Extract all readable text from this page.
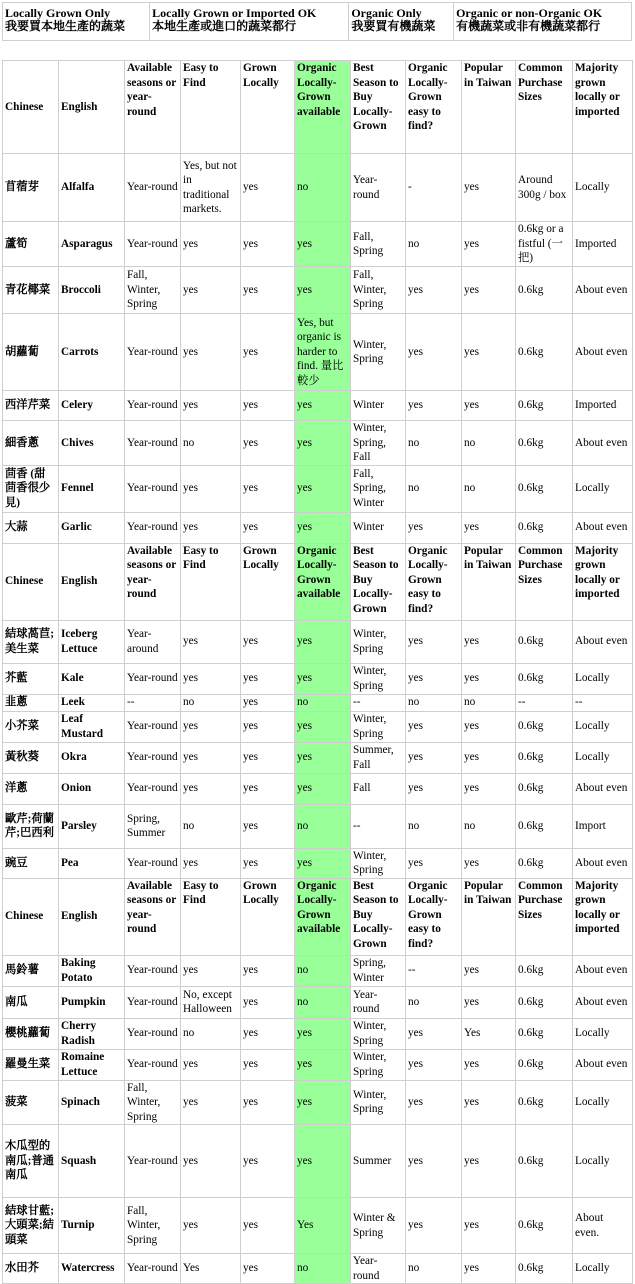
Locally Grown Only
我要買本地生產的蔬菜

Locally Grown or Imported OK
本地生產或進口的蔬菜都行

Organic Only
我要買有機蔬菜

Organic or non-Organic OK
有機蔬菜或非有機蔬菜都行
Chinese	English	Available seasons or year-round	Easy to Find	Grown Locally	Organic Locally-Grown available	Best Season to Buy Locally-Grown	Organic Locally-Grown easy to find?	Popular in Taiwan	Common Purchase Sizes	Majority grown locally or imported
苜蓿芽	Alfalfa	Year-round	Yes, but not in traditional markets.	yes	no	Year-round	-	yes	Around 300g / box	Locally
蘆筍	Asparagus	Year-round	yes	yes	yes	Fall, Spring	no	yes	0.6kg or a fistful (一把)	Imported
青花椰菜	Broccoli	Fall, Winter, Spring	yes	yes	yes	Fall, Winter, Spring	yes	yes	0.6kg	About even
胡蘿蔔	Carrots	Year-round	yes	yes	Yes, but organic is harder to find. 量比較少	Winter, Spring	yes	yes	0.6kg	About even
西洋芹菜	Celery	Year-round	yes	yes	yes	Winter	yes	yes	0.6kg	Imported
細香蔥	Chives	Year-round	no	yes	yes	Winter, Spring, Fall	no	no	0.6kg	About even
茴香 (甜茴香很少見)	Fennel	Year-round	yes	yes	yes	Fall, Spring, Winter	no	no	0.6kg	Locally
大蒜	Garlic	Year-round	yes	yes	yes	Winter	yes	yes	0.6kg	About even
Chinese	English	Available seasons or year-round	Easy to Find	Grown Locally	Organic Locally-Grown available	Best Season to Buy Locally-Grown	Organic Locally-Grown easy to find?	Popular in Taiwan	Common Purchase Sizes	Majority grown locally or imported
結球萵苣;美生菜	Iceberg Lettuce	Year-around	yes	yes	yes	Winter, Spring	yes	yes	0.6kg	About even
芥藍	Kale	Year-round	yes	yes	yes	Winter, Spring	yes	yes	0.6kg	Locally
韭蔥	Leek	--	no	yes	no	--	no	no	--	--
小芥菜	Leaf Mustard	Year-round	yes	yes	yes	Winter, Spring	yes	yes	0.6kg	Locally
黃秋葵	Okra	Year-round	yes	yes	yes	Summer, Fall	yes	yes	0.6kg	Locally
洋蔥	Onion	Year-round	yes	yes	yes	Fall	yes	yes	0.6kg	About even
歐芹;荷蘭芹;巴西利	Parsley	Spring, Summer	no	yes	no	--	no	no	0.6kg	Import
豌豆	Pea	Year-round	yes	yes	yes	Winter, Spring	yes	yes	0.6kg	About even
Chinese	English	Available seasons or year-round	Easy to Find	Grown Locally	Organic Locally-Grown available	Best Season to Buy Locally-Grown	Organic Locally-Grown easy to find?	Popular in Taiwan	Common Purchase Sizes	Majority grown locally or imported
馬鈴薯	Baking Potato	Year-round	yes	yes	no	Spring, Winter	--	yes	0.6kg	About even
南瓜	Pumpkin	Year-round	No, except Halloween	yes	no	Year-round	no	yes	0.6kg	About even
櫻桃蘿蔔	Cherry Radish	Year-round	no	yes	yes	Winter, Spring	yes	Yes	0.6kg	Locally
羅曼生菜	Romaine Lettuce	Year-round	yes	yes	yes	Winter, Spring	yes	yes	0.6kg	About even
菠菜	Spinach	Fall, Winter, Spring	yes	yes	yes	Winter, Spring	yes	yes	0.6kg	Locally
木瓜型的南瓜;普通南瓜	Squash	Year-round	yes	yes	yes	Summer	yes	yes	0.6kg	Locally
結球甘藍;大頭菜;結頭菜	Turnip	Fall, Winter, Spring	yes	yes	Yes	Winter & Spring	yes	yes	0.6kg	About even.
水田芥	Watercress	Year-round	Yes	yes	no	Year-round	no	yes	0.6kg	Locally
